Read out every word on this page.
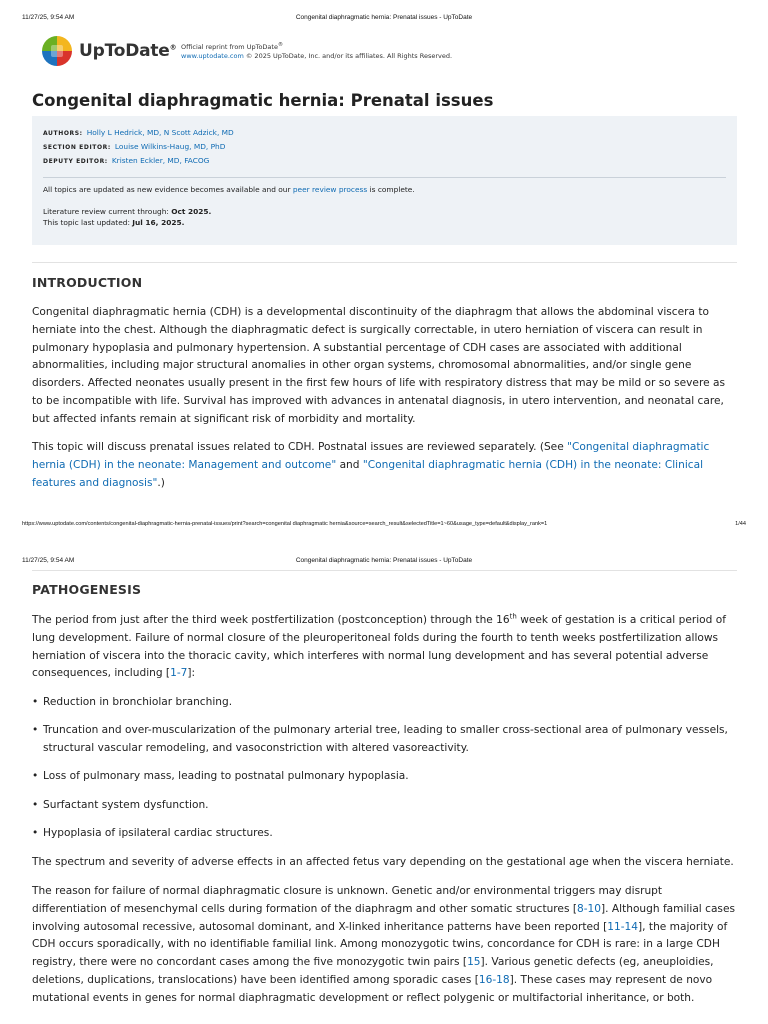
11/27/25, 9:54 AM	Congenital diaphragmatic hernia: Prenatal issues - UpToDate
UpToDate® Official reprint from UpToDate®
www.uptodate.com © 2025 UpToDate, Inc. and/or its affiliates. All Rights Reserved.
Congenital diaphragmatic hernia: Prenatal issues
AUTHORS: Holly L Hedrick, MD, N Scott Adzick, MD
SECTION EDITOR: Louise Wilkins-Haug, MD, PhD
DEPUTY EDITOR: Kristen Eckler, MD, FACOG
All topics are updated as new evidence becomes available and our peer review process is complete.
Literature review current through: Oct 2025.
This topic last updated: Jul 16, 2025.
INTRODUCTION

Congenital diaphragmatic hernia (CDH) is a developmental discontinuity of the diaphragm that allows the abdominal viscera to herniate into the chest. Although the diaphragmatic defect is surgically correctable, in utero herniation of viscera can result in pulmonary hypoplasia and pulmonary hypertension. A substantial percentage of CDH cases are associated with additional abnormalities, including major structural anomalies in other organ systems, chromosomal abnormalities, and/or single gene disorders. Affected neonates usually present in the first few hours of life with respiratory distress that may be mild or so severe as to be incompatible with life. Survival has improved with advances in antenatal diagnosis, in utero intervention, and neonatal care, but affected infants remain at significant risk of morbidity and mortality.

This topic will discuss prenatal issues related to CDH. Postnatal issues are reviewed separately. (See "Congenital diaphragmatic hernia (CDH) in the neonate: Management and outcome" and "Congenital diaphragmatic hernia (CDH) in the neonate: Clinical features and diagnosis".)

https://www.uptodate.com/contents/congenital-diaphragmatic-hernia-prenatal-issues/print?search=congenital diaphragmatic hernia&source=search_result&selectedTitle=1~60&usage_type=default&display_rank=1	1/44
11/27/25, 9:54 AM	Congenital diaphragmatic hernia: Prenatal issues - UpToDate
PATHOGENESIS

The period from just after the third week postfertilization (postconception) through the 16th week of gestation is a critical period of lung development. Failure of normal closure of the pleuroperitoneal folds during the fourth to tenth weeks postfertilization allows herniation of viscera into the thoracic cavity, which interferes with normal lung development and has several potential adverse consequences, including [1-7]:

• Reduction in bronchiolar branching.
• Truncation and over-muscularization of the pulmonary arterial tree, leading to smaller cross-sectional area of pulmonary vessels, structural vascular remodeling, and vasoconstriction with altered vasoreactivity.
• Loss of pulmonary mass, leading to postnatal pulmonary hypoplasia.
• Surfactant system dysfunction.
• Hypoplasia of ipsilateral cardiac structures.

The spectrum and severity of adverse effects in an affected fetus vary depending on the gestational age when the viscera herniate.

The reason for failure of normal diaphragmatic closure is unknown. Genetic and/or environmental triggers may disrupt differentiation of mesenchymal cells during formation of the diaphragm and other somatic structures [8-10]. Although familial cases involving autosomal recessive, autosomal dominant, and X-linked inheritance patterns have been reported [11-14], the majority of CDH occurs sporadically, with no identifiable familial link. Among monozygotic twins, concordance for CDH is rare: in a large CDH registry, there were no concordant cases among the five monozygotic twin pairs [15]. Various genetic defects (eg, aneuploidies, deletions, duplications, translocations) have been identified among sporadic cases [16-18]. These cases may represent de novo mutational events in genes for normal diaphragmatic development or reflect polygenic or multifactorial inheritance, or both.
